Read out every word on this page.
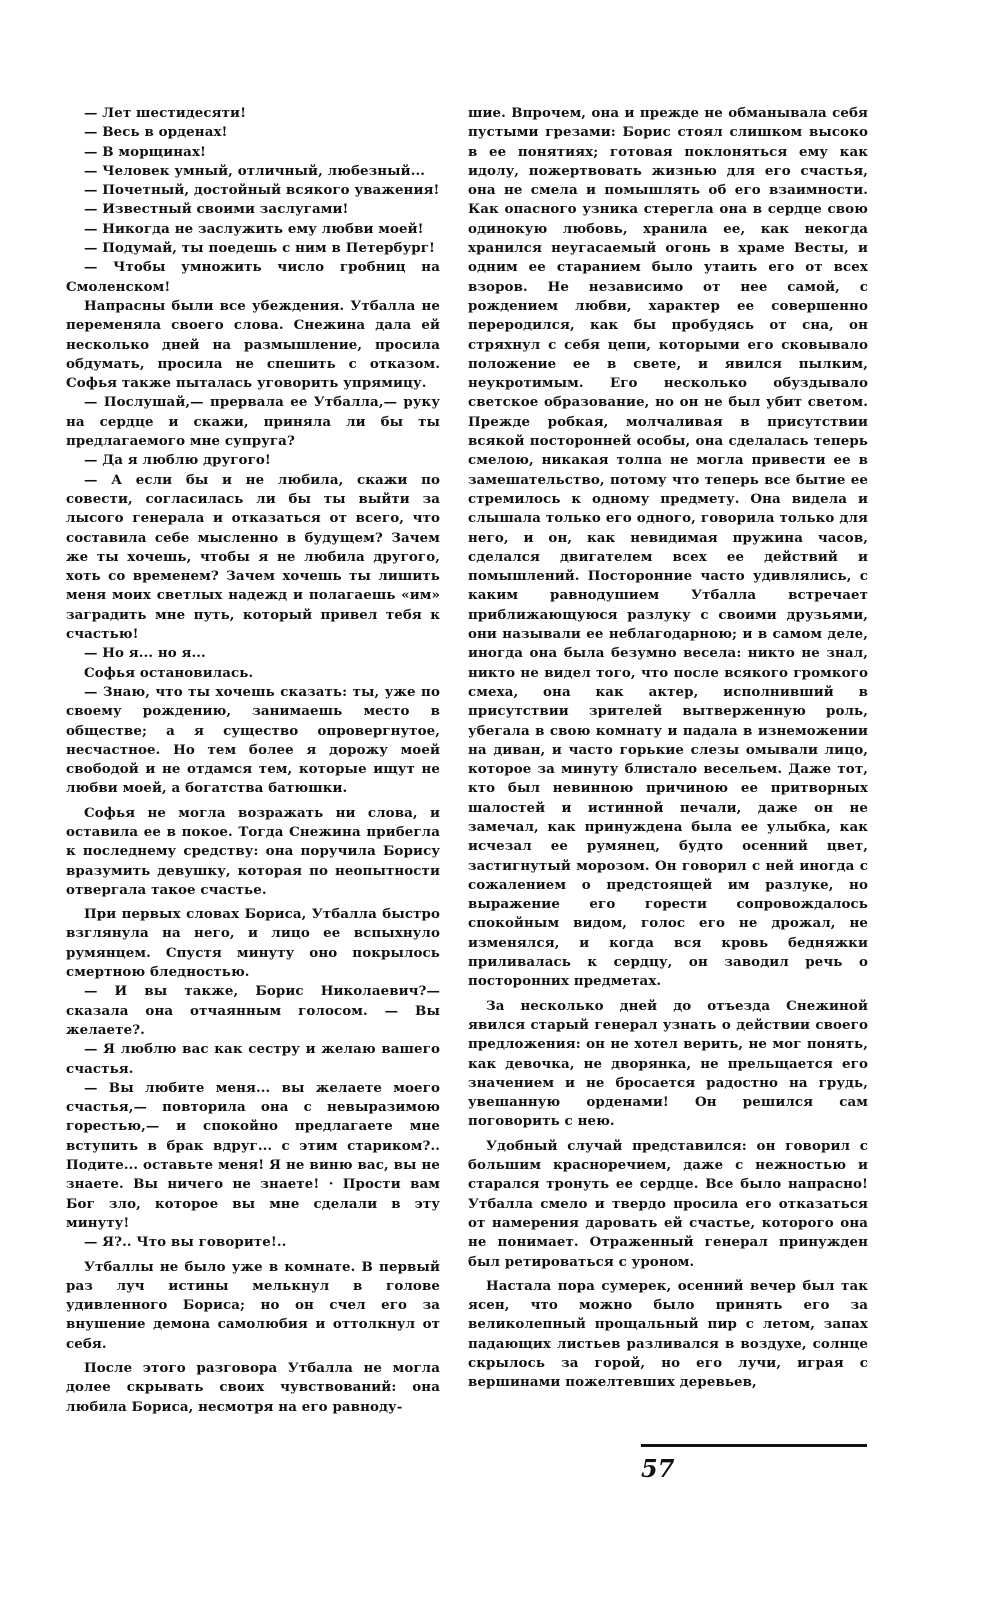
— Лет шестидесяти!

— Весь в орденах!

— В морщинах!

— Человек умный, отличный, любезный...

— Почетный, достойный всякого уважения!

— Известный своими заслугами!

— Никогда не заслужить ему любви моей!

— Подумай, ты поедешь с ним в Петербург!

— Чтобы умножить число гробниц на Смоленском!

Напрасны были все убеждения. Утбалла не переменяла своего слова. Снежина дала ей несколько дней на размышление, просила обдумать, просила не спешить с отказом. Софья также пыталась уговорить упрямицу.

— Послушай,— прервала ее Утбалла,— руку на сердце и скажи, приняла ли бы ты предлагаемого мне супруга?

— Да я люблю другого!

— А если бы и не любила, скажи по совести, согласилась ли бы ты выйти за лысого генерала и отказаться от всего, что составила себе мысленно в будущем? Зачем же ты хочешь, чтобы я не любила другого, хоть со временем? Зачем хочешь ты лишить меня моих светлых надежд и полагаешь «им» заградить мне путь, который привел тебя к счастью!

— Но я... но я...

Софья остановилась.

— Знаю, что ты хочешь сказать: ты, уже по своему рождению, занимаешь место в обществе; а я существо опровергнутое, несчастное. Но тем более я дорожу моей свободой и не отдамся тем, которые ищут не любви моей, а богатства батюшки.

Софья не могла возражать ни слова, и оставила ее в покое. Тогда Снежина прибегла к последнему средству: она поручила Борису вразумить девушку, которая по неопытности отвергала такое счастье.

При первых словах Бориса, Утбалла быстро взглянула на него, и лицо ее вспыхнуло румянцем. Спустя минуту оно покрылось смертною бледностью.

— И вы также, Борис Николаевич?—сказала она отчаянным голосом. — Вы желаете?.

— Я люблю вас как сестру и желаю вашего счастья.

— Вы любите меня... вы желаете моего счастья,— повторила она с невыразимою горестью,— и спокойно предлагаете мне вступить в брак вдруг... с этим стариком?.. Подите... оставьте меня! Я не виню вас, вы не знаете. Вы ничего не знаете! · Прости вам Бог зло, которое вы мне сделали в эту минуту!

— Я?.. Что вы говорите!..

Утбаллы не было уже в комнате. В первый раз луч истины мелькнул в голове удивленного Бориса; но он счел его за внушение демона самолюбия и оттолкнул от себя.

После этого разговора Утбалла не могла долее скрывать своих чувствований: она любила Бориса, несмотря на его равноду-

шие. Впрочем, она и прежде не обманывала себя пустыми грезами: Борис стоял слишком высоко в ее понятиях; готовая поклоняться ему как идолу, пожертвовать жизнью для его счастья, она не смела и помышлять об его взаимности. Как опасного узника стерегла она в сердце свою одинокую любовь, хранила ее, как некогда хранился неугасаемый огонь в храме Весты, и одним ее старанием было утаить его от всех взоров. Не независимо от нее самой, с рождением любви, характер ее совершенно переродился, как бы пробудясь от сна, он стряхнул с себя цепи, которыми его сковывало положение ее в свете, и явился пылким, неукротимым. Его несколько обуздывало светское образование, но он не был убит светом. Прежде робкая, молчаливая в присутствии всякой посторонней особы, она сделалась теперь смелою, никакая толпа не могла привести ее в замешательство, потому что теперь все бытие ее стремилось к одному предмету. Она видела и слышала только его одного, говорила только для него, и он, как невидимая пружина часов, сделался двигателем всех ее действий и помышлений. Посторонние часто удивлялись, с каким равнодушием Утбалла встречает приближающуюся разлуку с своими друзьями, они называли ее неблагодарною; и в самом деле, иногда она была безумно весела: никто не знал, никто не видел того, что после всякого громкого смеха, она как актер, исполнивший в присутствии зрителей вытверженную роль, убегала в свою комнату и падала в изнеможении на диван, и часто горькие слезы омывали лицо, которое за минуту блистало весельем. Даже тот, кто был невинною причиною ее притворных шалостей и истинной печали, даже он не замечал, как принуждена была ее улыбка, как исчезал ее румянец, будто осенний цвет, застигнутый морозом. Он говорил с ней иногда с сожалением о предстоящей им разлуке, но выражение его горести сопровождалось спокойным видом, голос его не дрожал, не изменялся, и когда вся кровь бедняжки приливалась к сердцу, он заводил речь о посторонних предметах.

За несколько дней до отъезда Снежиной явился старый генерал узнать о действии своего предложения: он не хотел верить, не мог понять, как девочка, не дворянка, не прельщается его значением и не бросается радостно на грудь, увешанную орденами! Он решился сам поговорить с нею.

Удобный случай представился: он говорил с большим красноречием, даже с нежностью и старался тронуть ее сердце. Все было напрасно! Утбалла смело и твердо просила его отказаться от намерения даровать ей счастье, которого она не понимает. Отраженный генерал принужден был ретироваться с уроном.

Настала пора сумерек, осенний вечер был так ясен, что можно было принять его за великолепный прощальный пир с летом, запах падающих листьев разливался в воздухе, солнце скрылось за горой, но его лучи, играя с вершинами пожелтевших деревьев,

57
